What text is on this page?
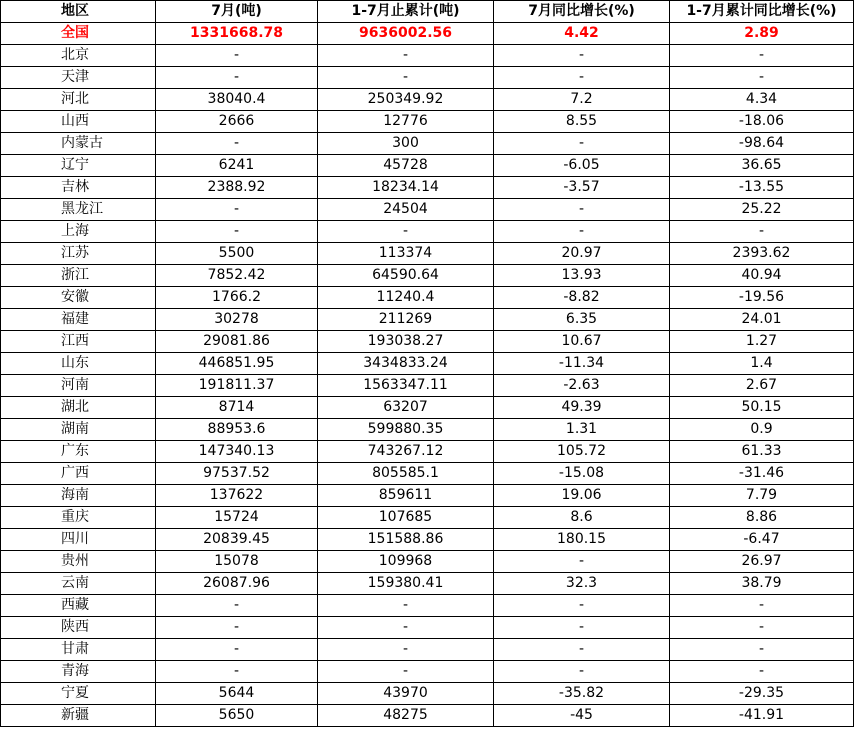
地区	7月(吨)	1-7月止累计(吨)	7月同比增长(%)	1-7月累计同比增长(%)
全国	1331668.78	9636002.56	4.42	2.89
北京	-	-	-	-
天津	-	-	-	-
河北	38040.4	250349.92	7.2	4.34
山西	2666	12776	8.55	-18.06
内蒙古	-	300	-	-98.64
辽宁	6241	45728	-6.05	36.65
吉林	2388.92	18234.14	-3.57	-13.55
黑龙江	-	24504	-	25.22
上海	-	-	-	-
江苏	5500	113374	20.97	2393.62
浙江	7852.42	64590.64	13.93	40.94
安徽	1766.2	11240.4	-8.82	-19.56
福建	30278	211269	6.35	24.01
江西	29081.86	193038.27	10.67	1.27
山东	446851.95	3434833.24	-11.34	1.4
河南	191811.37	1563347.11	-2.63	2.67
湖北	8714	63207	49.39	50.15
湖南	88953.6	599880.35	1.31	0.9
广东	147340.13	743267.12	105.72	61.33
广西	97537.52	805585.1	-15.08	-31.46
海南	137622	859611	19.06	7.79
重庆	15724	107685	8.6	8.86
四川	20839.45	151588.86	180.15	-6.47
贵州	15078	109968	-	26.97
云南	26087.96	159380.41	32.3	38.79
西藏	-	-	-	-
陕西	-	-	-	-
甘肃	-	-	-	-
青海	-	-	-	-
宁夏	5644	43970	-35.82	-29.35
新疆	5650	48275	-45	-41.91
